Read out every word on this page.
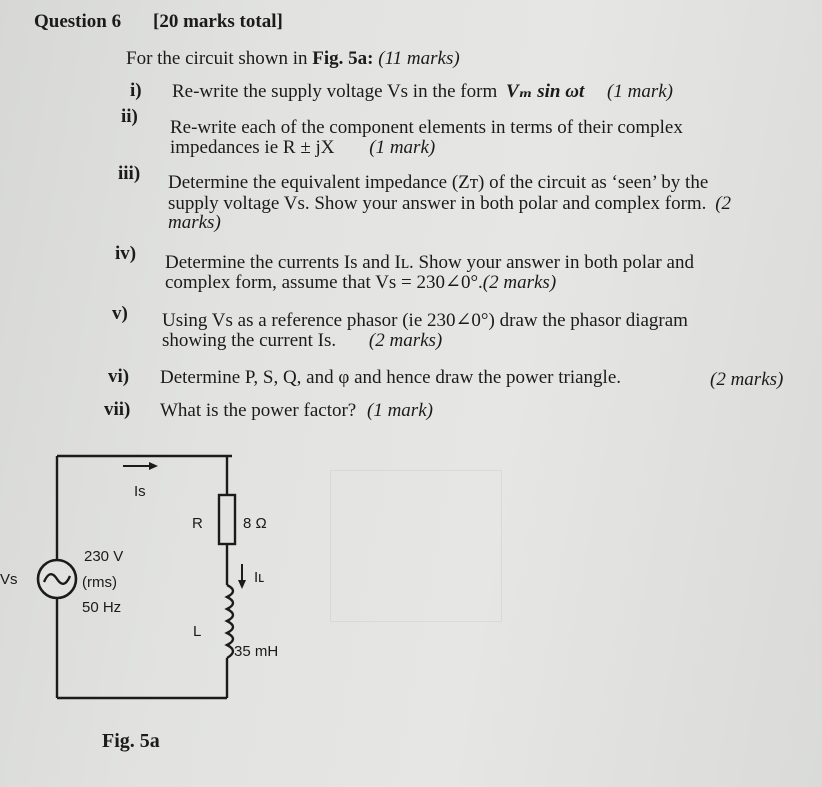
Question 6 [20 marks total]
For the circuit shown in Fig. 5a: (11 marks)
i) Re-write the supply voltage Vs in the form Vₘ sin ωt (1 mark)
ii)
Re-write each of the component elements in terms of their complex
impedances ie R ± jX (1 mark)
iii) Determine the equivalent impedance (Zᴛ) of the circuit as ‘seen’ by the
supply voltage Vs. Show your answer in both polar and complex form. (2
marks)
iv) Determine the currents Is and Iʟ. Show your answer in both polar and
complex form, assume that Vs = 230∠0°.(2 marks)
v) Using Vs as a reference phasor (ie 230∠0°) draw the phasor diagram
showing the current Is. (2 marks)
vi) Determine P, S, Q, and φ and hence draw the power triangle.	(2 marks)
vii) What is the power factor? (1 mark)
Is
R	8 Ω
Iʟ
L
35 mH
Vs
230 V
(rms)
50 Hz
Fig. 5a
